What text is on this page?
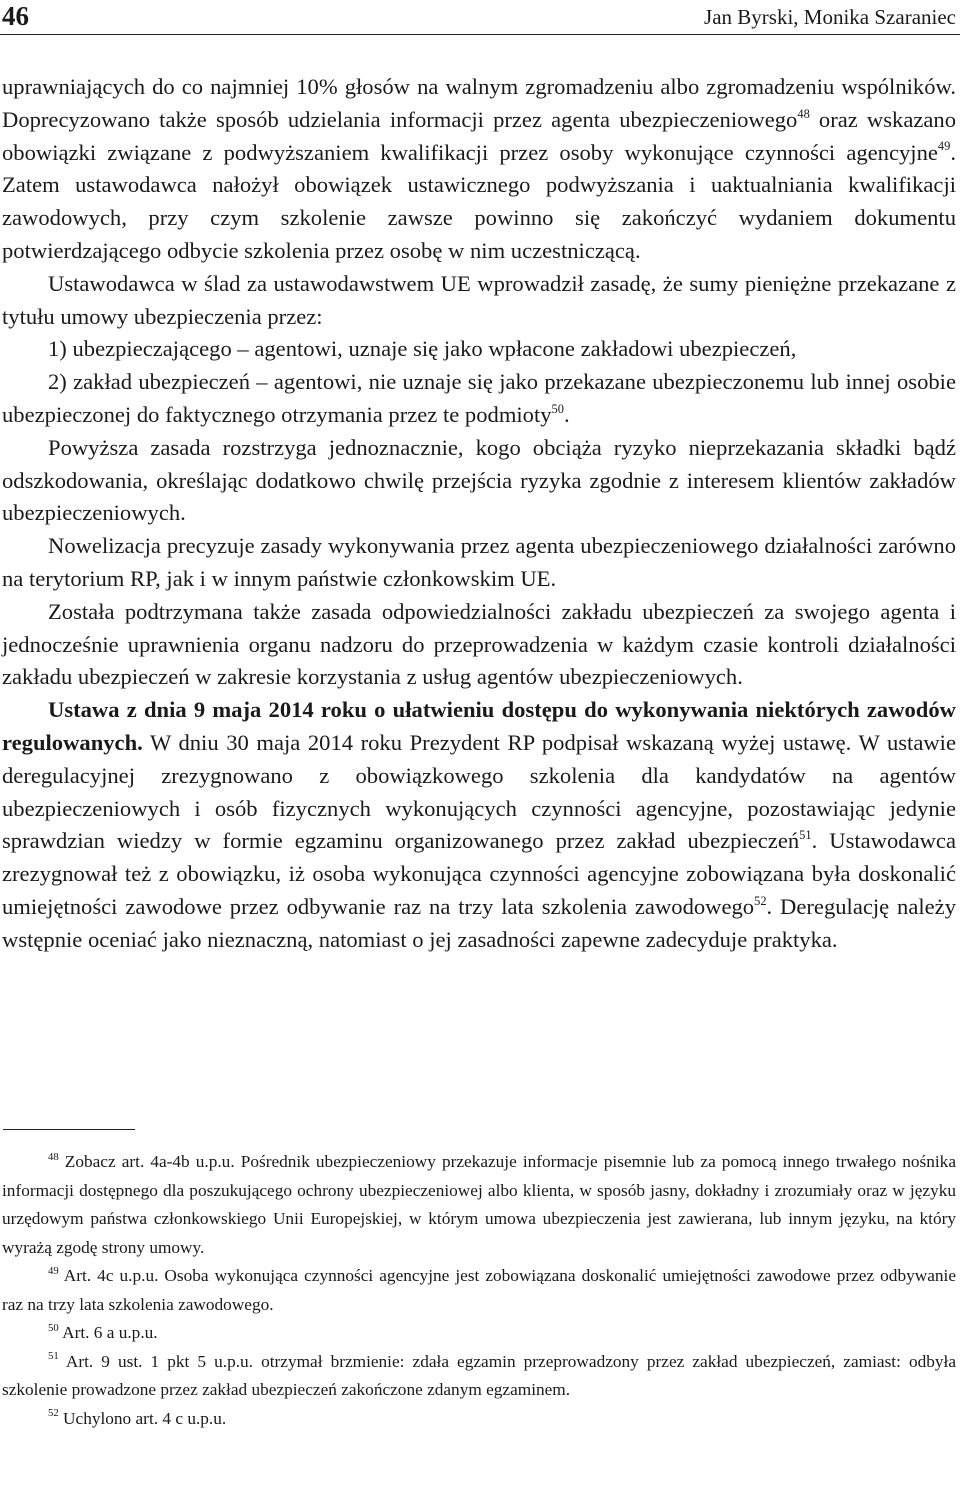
46	Jan Byrski, Monika Szaraniec

uprawniających do co najmniej 10% głosów na walnym zgromadzeniu albo zgromadzeniu wspólników. Doprecyzowano także sposób udzielania informacji przez agenta ubezpieczeniowego$^{48}$ oraz wskazano obowiązki związane z podwyższaniem kwalifikacji przez osoby wykonujące czynności agencyjne$^{49}$. Zatem ustawodawca nałożył obowiązek ustawicznego podwyższania i uaktualniania kwalifikacji zawodowych, przy czym szkolenie zawsze powinno się zakończyć wydaniem dokumentu potwierdzającego odbycie szkolenia przez osobę w nim uczestniczącą.

Ustawodawca w ślad za ustawodawstwem UE wprowadził zasadę, że sumy pieniężne przekazane z tytułu umowy ubezpieczenia przez:

1) ubezpieczającego – agentowi, uznaje się jako wpłacone zakładowi ubezpieczeń,

2) zakład ubezpieczeń – agentowi, nie uznaje się jako przekazane ubezpieczonemu lub innej osobie ubezpieczonej do faktycznego otrzymania przez te podmioty$^{50}$.

Powyższa zasada rozstrzyga jednoznacznie, kogo obciąża ryzyko nieprzekazania składki bądź odszkodowania, określając dodatkowo chwilę przejścia ryzyka zgodnie z interesem klientów zakładów ubezpieczeniowych.

Nowelizacja precyzuje zasady wykonywania przez agenta ubezpieczeniowego działalności zarówno na terytorium RP, jak i w innym państwie członkowskim UE.

Została podtrzymana także zasada odpowiedzialności zakładu ubezpieczeń za swojego agenta i jednocześnie uprawnienia organu nadzoru do przeprowadzenia w każdym czasie kontroli działalności zakładu ubezpieczeń w zakresie korzystania z usług agentów ubezpieczeniowych.

Ustawa z dnia 9 maja 2014 roku o ułatwieniu dostępu do wykonywania niektórych zawodów regulowanych. W dniu 30 maja 2014 roku Prezydent RP podpisał wskazaną wyżej ustawę. W ustawie deregulacyjnej zrezygnowano z obowiązkowego szkolenia dla kandydatów na agentów ubezpieczeniowych i osób fizycznych wykonujących czynności agencyjne, pozostawiając jedynie sprawdzian wiedzy w formie egzaminu organizowanego przez zakład ubezpieczeń$^{51}$. Ustawodawca zrezygnował też z obowiązku, iż osoba wykonująca czynności agencyjne zobowiązana była doskonalić umiejętności zawodowe przez odbywanie raz na trzy lata szkolenia zawodowego$^{52}$. Deregulację należy wstępnie oceniać jako nieznaczną, natomiast o jej zasadności zapewne zadecyduje praktyka.

$^{48}$ Zobacz art. 4a-4b u.p.u. Pośrednik ubezpieczeniowy przekazuje informacje pisemnie lub za pomocą innego trwałego nośnika informacji dostępnego dla poszukującego ochrony ubezpieczeniowej albo klienta, w sposób jasny, dokładny i zrozumiały oraz w języku urzędowym państwa członkowskiego Unii Europejskiej, w którym umowa ubezpieczenia jest zawierana, lub innym języku, na który wyrażą zgodę strony umowy.

$^{49}$ Art. 4c u.p.u. Osoba wykonująca czynności agencyjne jest zobowiązana doskonalić umiejętności zawodowe przez odbywanie raz na trzy lata szkolenia zawodowego.

$^{50}$ Art. 6 a u.p.u.

$^{51}$ Art. 9 ust. 1 pkt 5 u.p.u. otrzymał brzmienie: zdała egzamin przeprowadzony przez zakład ubezpieczeń, zamiast: odbyła szkolenie prowadzone przez zakład ubezpieczeń zakończone zdanym egzaminem.

$^{52}$ Uchylono art. 4 c u.p.u.
